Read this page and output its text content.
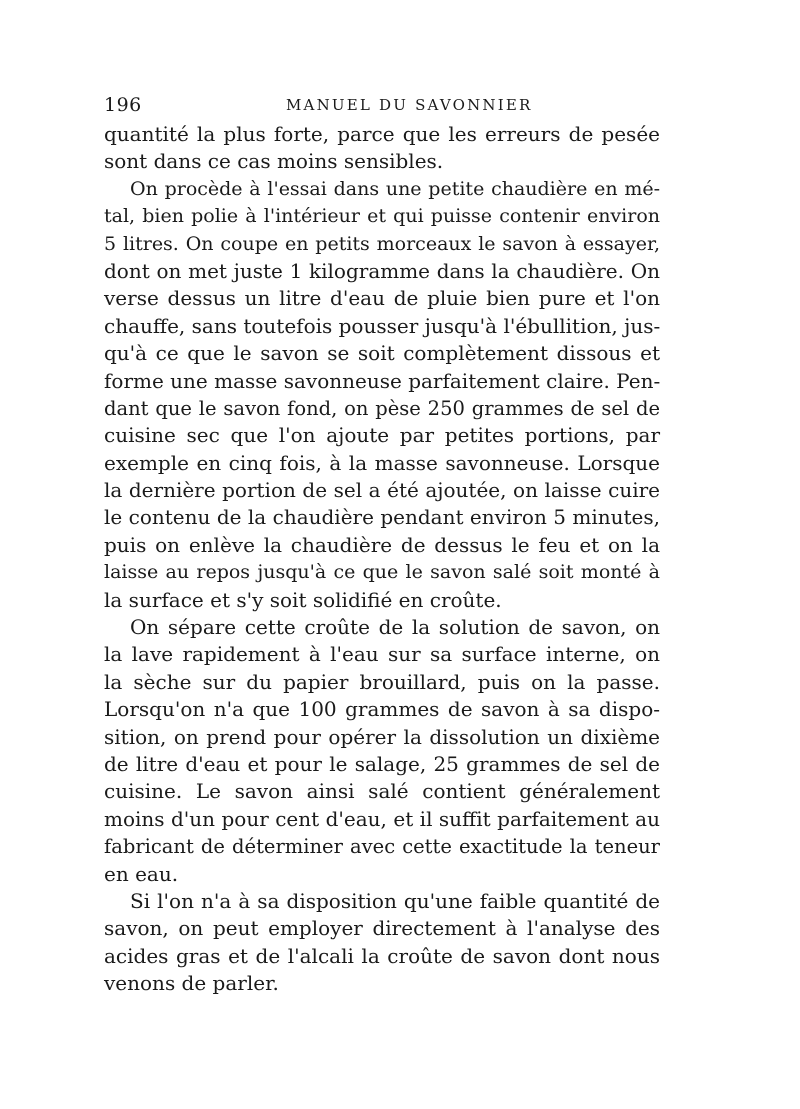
196	MANUEL DU SAVONNIER
quantité la plus forte, parce que les erreurs de pesée
sont dans ce cas moins sensibles.
On procède à l'essai dans une petite chaudière en mé-
tal, bien polie à l'intérieur et qui puisse contenir environ
5 litres. On coupe en petits morceaux le savon à essayer,
dont on met juste 1 kilogramme dans la chaudière. On
verse dessus un litre d'eau de pluie bien pure et l'on
chauffe, sans toutefois pousser jusqu'à l'ébullition, jus-
qu'à ce que le savon se soit complètement dissous et
forme une masse savonneuse parfaitement claire. Pen-
dant que le savon fond, on pèse 250 grammes de sel de
cuisine sec que l'on ajoute par petites portions, par
exemple en cinq fois, à la masse savonneuse. Lorsque
la dernière portion de sel a été ajoutée, on laisse cuire
le contenu de la chaudière pendant environ 5 minutes,
puis on enlève la chaudière de dessus le feu et on la
laisse au repos jusqu'à ce que le savon salé soit monté à
la surface et s'y soit solidifié en croûte.
On sépare cette croûte de la solution de savon, on
la lave rapidement à l'eau sur sa surface interne, on
la sèche sur du papier brouillard, puis on la passe.
Lorsqu'on n'a que 100 grammes de savon à sa dispo-
sition, on prend pour opérer la dissolution un dixième
de litre d'eau et pour le salage, 25 grammes de sel de
cuisine. Le savon ainsi salé contient généralement
moins d'un pour cent d'eau, et il suffit parfaitement au
fabricant de déterminer avec cette exactitude la teneur
en eau.
Si l'on n'a à sa disposition qu'une faible quantité de
savon, on peut employer directement à l'analyse des
acides gras et de l'alcali la croûte de savon dont nous
venons de parler.
